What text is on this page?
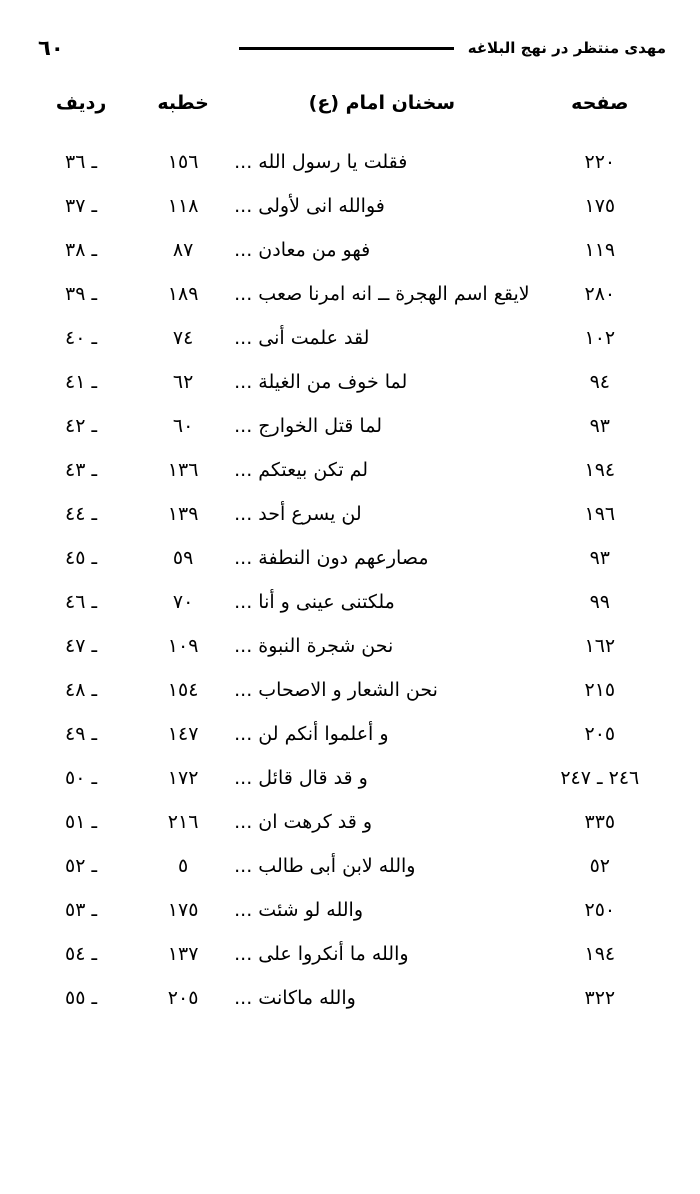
مهدى منتظر در نهج البلاغه
٦٠
صفحه	سخنان امام (ع)	خطبه	رديف
٢٢٠	فقلت يا رسول الله ...	١٥٦	ـ ٣٦
١٧٥	فوالله انى لأولى ...	١١٨	ـ ٣٧
١١٩	فهو من معادن ...	٨٧	ـ ٣٨
٢٨٠	لايقع اسم الهجرة ــ انه امرنا صعب ...	١٨٩	ـ ٣٩
١٠٢	لقد علمت أنى ...	٧٤	ـ ٤٠
٩٤	لما خوف من الغيلة ...	٦٢	ـ ٤١
٩٣	لما قتل الخوارج ...	٦٠	ـ ٤٢
١٩٤	لم تكن بيعتكم ...	١٣٦	ـ ٤٣
١٩٦	لن يسرع أحد ...	١٣٩	ـ ٤٤
٩٣	مصارعهم دون النطفة ...	٥٩	ـ ٤٥
٩٩	ملكتنى عينى و أنا ...	٧٠	ـ ٤٦
١٦٢	نحن شجرة النبوة ...	١٠٩	ـ ٤٧
٢١٥	نحن الشعار و الاصحاب ...	١٥٤	ـ ٤٨
٢٠٥	و أعلموا أنكم لن ...	١٤٧	ـ ٤٩
٢٤٦ ـ ٢٤٧	و قد قال قائل ...	١٧٢	ـ ٥٠
٣٣٥	و قد كرهت ان ...	٢١٦	ـ ٥١
٥٢	والله لابن أبى طالب ...	٥	ـ ٥٢
٢٥٠	والله لو شئت ...	١٧٥	ـ ٥٣
١٩٤	والله ما أنكروا على ...	١٣٧	ـ ٥٤
٣٢٢	والله ماكانت ...	٢٠٥	ـ ٥٥
